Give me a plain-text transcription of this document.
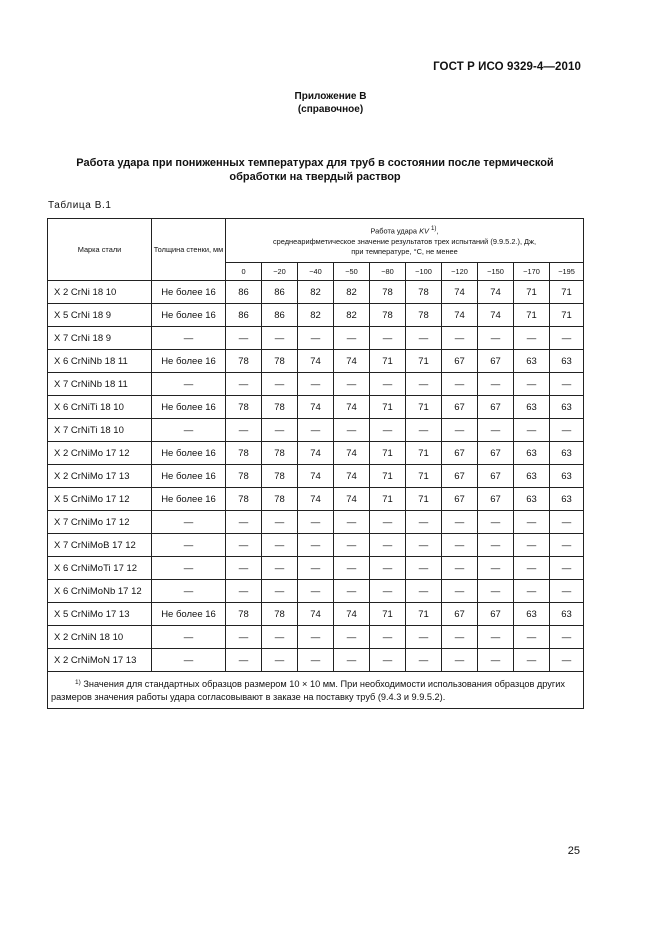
ГОСТ Р ИСО 9329-4—2010
Приложение В
(справочное)
Работа удара при пониженных температурах для труб в состоянии после термической
обработки на твердый раствор
Таблица В.1
Марка стали	Толщина стенки, мм	Работа удара KV $^{1)}$,
среднеарифметическое значение результатов трех испытаний (9.9.5.2.), Дж,
при температуре, °С, не менее									

		0	−20	−40	−50	−80	−100	−120	−150	−170	−195
X 2 CrNi 18 10	Не более 16	86	86	82	82	78	78	74	74	71	71
X 5 CrNi 18 9	Не более 16	86	86	82	82	78	78	74	74	71	71
X 7 CrNi 18 9	—	—	—	—	—	—	—	—	—	—	—
X 6 CrNiNb 18 11	Не более 16	78	78	74	74	71	71	67	67	63	63
X 7 CrNiNb 18 11	—	—	—	—	—	—	—	—	—	—	—
X 6 CrNiTi 18 10	Не более 16	78	78	74	74	71	71	67	67	63	63
X 7 CrNiTi 18 10	—	—	—	—	—	—	—	—	—	—	—
X 2 CrNiMo 17 12	Не более 16	78	78	74	74	71	71	67	67	63	63
X 2 CrNiMo 17 13	Не более 16	78	78	74	74	71	71	67	67	63	63
X 5 CrNiMo 17 12	Не более 16	78	78	74	74	71	71	67	67	63	63
X 7 CrNiMo 17 12	—	—	—	—	—	—	—	—	—	—	—
X 7 CrNiMoB 17 12	—	—	—	—	—	—	—	—	—	—	—
X 6 CrNiMoTi 17 12	—	—	—	—	—	—	—	—	—	—	—
X 6 CrNiMoNb 17 12	—	—	—	—	—	—	—	—	—	—	—
X 5 CrNiMo 17 13	Не более 16	78	78	74	74	71	71	67	67	63	63
X 2 CrNiN 18 10	—	—	—	—	—	—	—	—	—	—	—
X 2 CrNiMoN 17 13	—	—	—	—	—	—	—	—	—	—	—
$^{1)}$ Значения для стандартных образцов размером 10 × 10 мм. При необходимости использования образцов других размеров значения работы удара согласовывают в заказе на поставку труб (9.4.3 и 9.9.5.2).											
25
